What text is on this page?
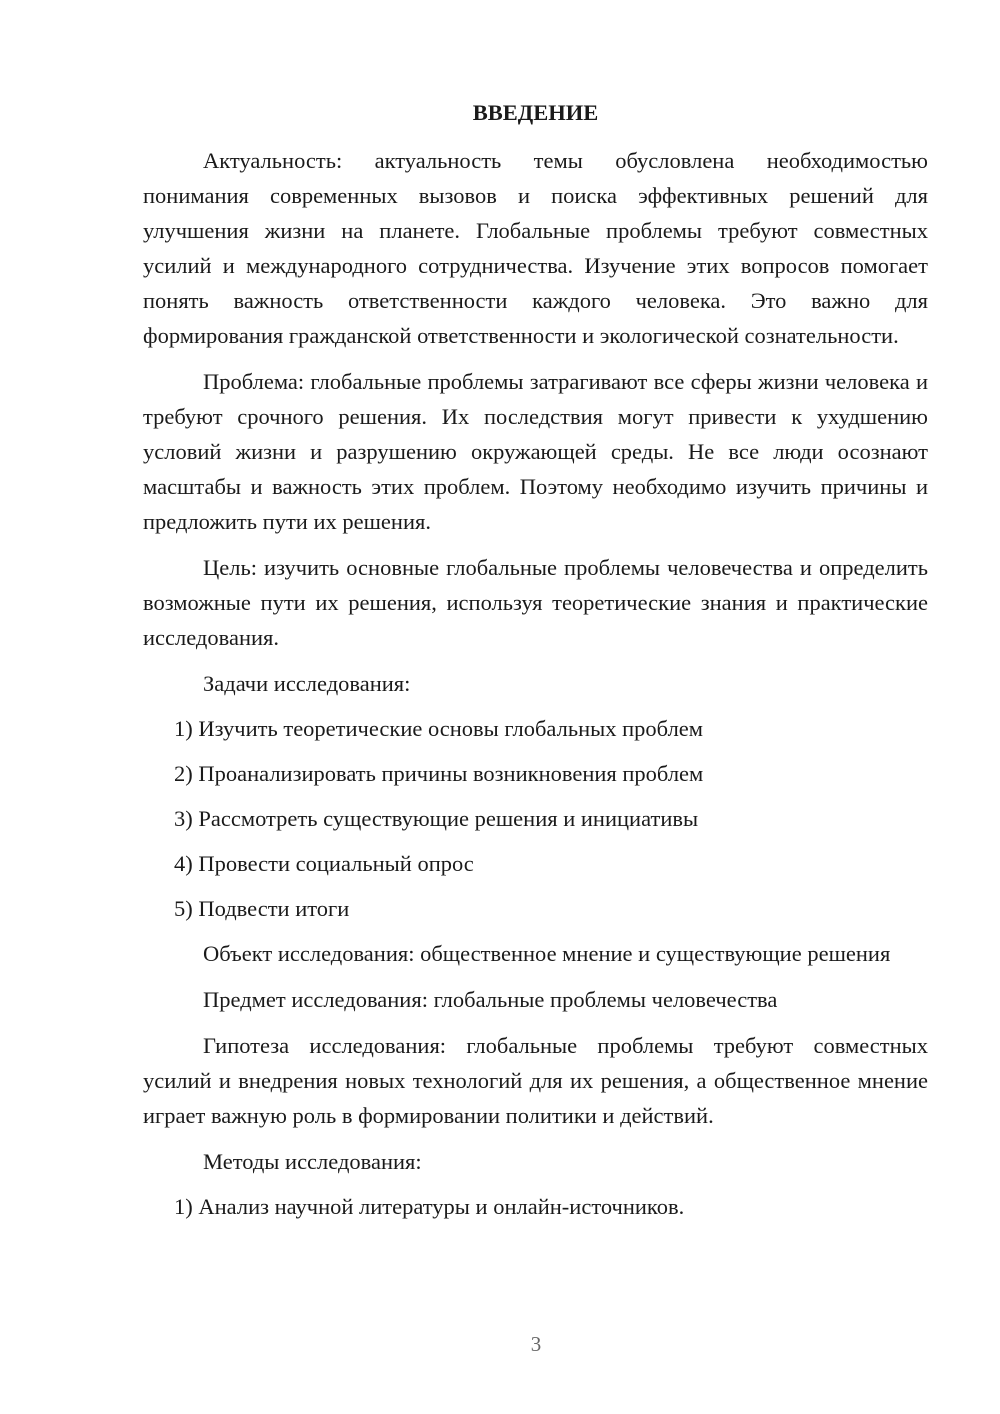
ВВЕДЕНИЕ

Актуальность: актуальность темы обусловлена необходимостью понимания современных вызовов и поиска эффективных решений для улучшения жизни на планете. Глобальные проблемы требуют совместных усилий и международного сотрудничества. Изучение этих вопросов помогает понять важность ответственности каждого человека. Это важно для формирования гражданской ответственности и экологической сознательности.

Проблема: глобальные проблемы затрагивают все сферы жизни человека и требуют срочного решения. Их последствия могут привести к ухудшению условий жизни и разрушению окружающей среды. Не все люди осознают масштабы и важность этих проблем. Поэтому необходимо изучить причины и предложить пути их решения.

Цель: изучить основные глобальные проблемы человечества и определить возможные пути их решения, используя теоретические знания и практические исследования.

Задачи исследования:
1) Изучить теоретические основы глобальных проблем
2) Проанализировать причины возникновения проблем
3) Рассмотреть существующие решения и инициативы
4) Провести социальный опрос
5) Подвести итоги

Объект исследования: общественное мнение и существующие решения

Предмет исследования: глобальные проблемы человечества

Гипотеза исследования: глобальные проблемы требуют совместных усилий и внедрения новых технологий для их решения, а общественное мнение играет важную роль в формировании политики и действий.

Методы исследования:
1) Анализ научной литературы и онлайн-источников.
3
